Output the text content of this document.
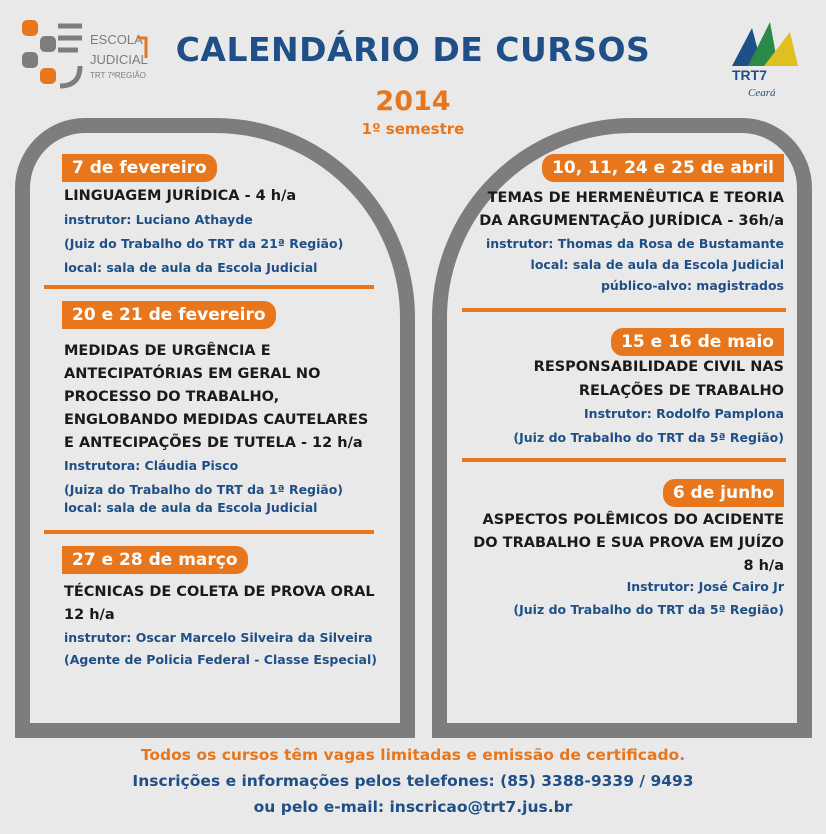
ESCOLA
JUDICIAL
TRT 7ªREGIÃO	TRT7
Ceará
CALENDÁRIO DE CURSOS
2014
1º semestre
7 de fevereiro
LINGUAGEM JURÍDICA - 4 h/a
instrutor: Luciano Athayde
(Juiz do Trabalho do TRT da 21ª Região)
local: sala de aula da Escola Judicial
20 e 21 de fevereiro
MEDIDAS DE URGÊNCIA E
ANTECIPATÓRIAS EM GERAL NO
PROCESSO DO TRABALHO,
ENGLOBANDO MEDIDAS CAUTELARES
E ANTECIPAÇÕES DE TUTELA - 12 h/a
Instrutora: Cláudia Pisco
(Juiza do Trabalho do TRT da 1ª Região)
local: sala de aula da Escola Judicial
27 e 28 de março
TÉCNICAS DE COLETA DE PROVA ORAL
12 h/a
instrutor: Oscar Marcelo Silveira da Silveira
(Agente de Policia Federal - Classe Especial)
10, 11, 24 e 25 de abril
TEMAS DE HERMENÊUTICA E TEORIA
DA ARGUMENTAÇÃO JURÍDICA - 36h/a
instrutor: Thomas da Rosa de Bustamante
local: sala de aula da Escola Judicial
público-alvo: magistrados
15 e 16 de maio
RESPONSABILIDADE CIVIL NAS
RELAÇÕES DE TRABALHO
Instrutor: Rodolfo Pamplona
(Juiz do Trabalho do TRT da 5ª Região)
6 de junho
ASPECTOS POLÊMICOS DO ACIDENTE
DO TRABALHO E SUA PROVA EM JUÍZO
8 h/a
Instrutor: José Cairo Jr
(Juiz do Trabalho do TRT da 5ª Região)
Todos os cursos têm vagas limitadas e emissão de certificado.
Inscrições e informações pelos telefones: (85) 3388-9339 / 9493
ou pelo e-mail: inscricao@trt7.jus.br
